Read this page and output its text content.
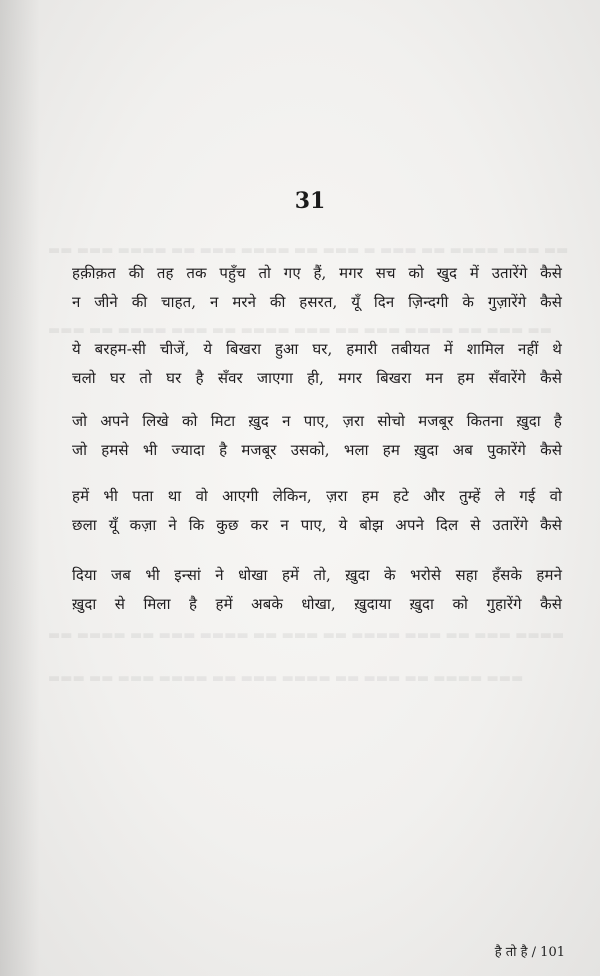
▬▬ ▬▬▬ ▬▬▬▬ ▬▬ ▬▬▬ ▬▬▬▬ ▬▬ ▬▬▬ ▬ ▬▬▬ ▬▬ ▬▬▬▬ ▬▬▬ ▬▬
▬▬▬ ▬▬ ▬▬▬▬ ▬▬▬ ▬▬ ▬▬▬▬ ▬▬▬ ▬▬ ▬▬▬ ▬▬▬▬ ▬▬ ▬▬▬ ▬▬
▬▬ ▬▬▬▬ ▬▬ ▬▬▬ ▬▬▬▬ ▬▬ ▬▬▬ ▬▬ ▬▬▬▬ ▬▬▬ ▬▬ ▬▬▬ ▬▬▬▬
▬▬▬ ▬▬ ▬▬▬ ▬▬▬▬ ▬▬ ▬▬▬ ▬▬▬▬ ▬▬ ▬▬▬ ▬▬ ▬▬▬▬ ▬▬▬
31
हक़ीक़त की तह तक पहुँच तो गए हैं, मगर सच को खुद में उतारेंगे कैसे
न जीने की चाहत, न मरने की हसरत, यूँ दिन ज़िन्दगी के गुज़ारेंगे कैसे
ये बरहम-सी चीजें, ये बिखरा हुआ घर, हमारी तबीयत में शामिल नहीं थे
चलो घर तो घर है सँवर जाएगा ही, मगर बिखरा मन हम सँवारेंगे कैसे
जो अपने लिखे को मिटा ख़ुद न पाए, ज़रा सोचो मजबूर कितना ख़ुदा है
जो हमसे भी ज्यादा है मजबूर उसको, भला हम ख़ुदा अब पुकारेंगे कैसे
हमें भी पता था वो आएगी लेकिन, ज़रा हम हटे और तुम्हें ले गई वो
छला यूँ कज़ा ने कि कुछ कर न पाए, ये बोझ अपने दिल से उतारेंगे कैसे
दिया जब भी इन्सां ने धोखा हमें तो, ख़ुदा के भरोसे सहा हँसके हमने
ख़ुदा से मिला है हमें अबके धोखा, ख़ुदाया ख़ुदा को गुहारेंगे कैसे
है तो है / 101
